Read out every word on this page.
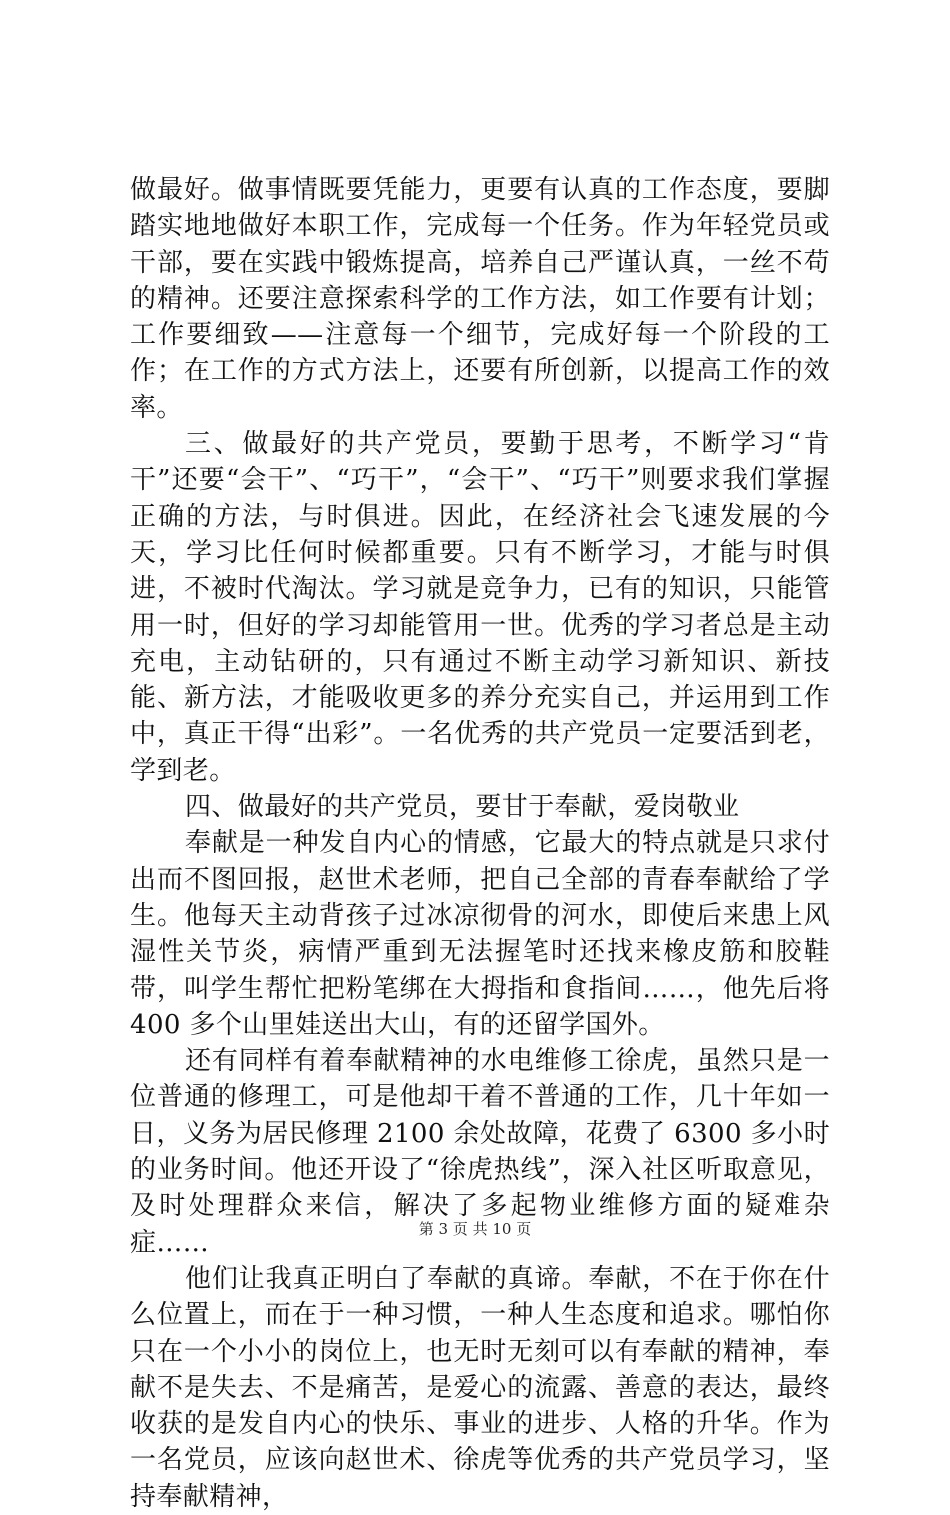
做最好。做事情既要凭能力，更要有认真的工作态度，要脚踏实地地做好本职工作，完成每一个任务。作为年轻党员或干部，要在实践中锻炼提高，培养自己严谨认真，一丝不苟的精神。还要注意探索科学的工作方法，如工作要有计划；工作要细致——注意每一个细节，完成好每一个阶段的工作；在工作的方式方法上，还要有所创新，以提高工作的效率。

三、做最好的共产党员，要勤于思考，不断学习“肯干”还要“会干”、“巧干”，“会干”、“巧干”则要求我们掌握正确的方法，与时俱进。因此，在经济社会飞速发展的今天，学习比任何时候都重要。只有不断学习，才能与时俱进，不被时代淘汰。学习就是竞争力，已有的知识，只能管用一时，但好的学习却能管用一世。优秀的学习者总是主动充电，主动钻研的，只有通过不断主动学习新知识、新技能、新方法，才能吸收更多的养分充实自己，并运用到工作中，真正干得“出彩”。一名优秀的共产党员一定要活到老，学到老。

四、做最好的共产党员，要甘于奉献，爱岗敬业

奉献是一种发自内心的情感，它最大的特点就是只求付出而不图回报，赵世术老师，把自己全部的青春奉献给了学生。他每天主动背孩子过冰凉彻骨的河水，即使后来患上风湿性关节炎，病情严重到无法握笔时还找来橡皮筋和胶鞋带，叫学生帮忙把粉笔绑在大拇指和食指间……，他先后将 400 多个山里娃送出大山，有的还留学国外。

还有同样有着奉献精神的水电维修工徐虎，虽然只是一位普通的修理工，可是他却干着不普通的工作，几十年如一日，义务为居民修理 2100 余处故障，花费了 6300 多小时的业务时间。他还开设了“徐虎热线”，深入社区听取意见，及时处理群众来信，解决了多起物业维修方面的疑难杂症……

他们让我真正明白了奉献的真谛。奉献，不在于你在什么位置上，而在于一种习惯，一种人生态度和追求。哪怕你只在一个小小的岗位上，也无时无刻可以有奉献的精神，奉献不是失去、不是痛苦，是爱心的流露、善意的表达，最终收获的是发自内心的快乐、事业的进步、人格的升华。作为一名党员，应该向赵世术、徐虎等优秀的共产党员学习，坚持奉献精神，

第 3 页 共 10 页
